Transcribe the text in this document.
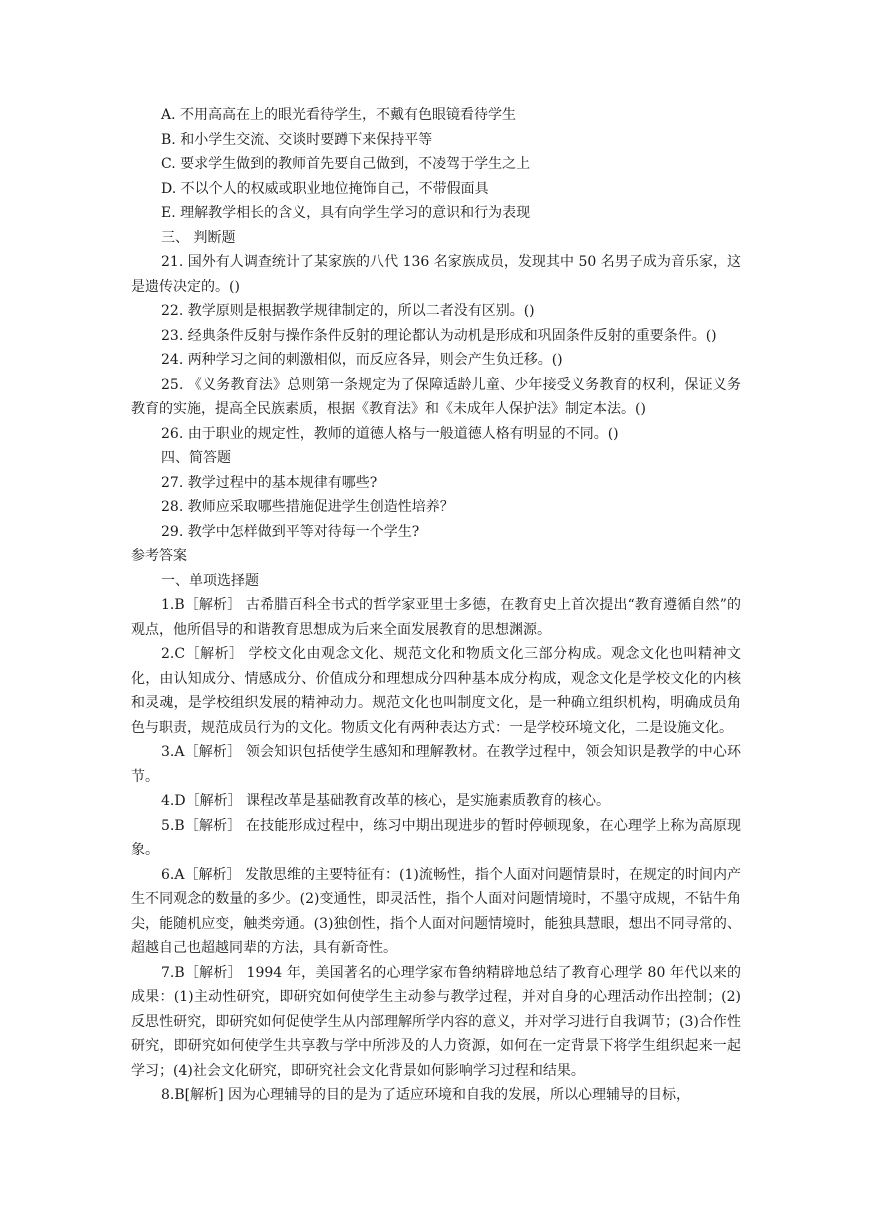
A. 不用高高在上的眼光看待学生，不戴有色眼镜看待学生
B. 和小学生交流、交谈时要蹲下来保持平等
C. 要求学生做到的教师首先要自己做到，不凌驾于学生之上
D. 不以个人的权威或职业地位掩饰自己，不带假面具
E. 理解教学相长的含义，具有向学生学习的意识和行为表现
三、 判断题

21. 国外有人调查统计了某家族的八代 136 名家族成员，发现其中 50 名男子成为音乐家，这是遗传决定的。()

22. 教学原则是根据教学规律制定的，所以二者没有区别。()

23. 经典条件反射与操作条件反射的理论都认为动机是形成和巩固条件反射的重要条件。()

24. 两种学习之间的刺激相似，而反应各异，则会产生负迁移。()

25. 《义务教育法》总则第一条规定为了保障适龄儿童、少年接受义务教育的权利，保证义务教育的实施，提高全民族素质，根据《教育法》和《未成年人保护法》制定本法。()

26. 由于职业的规定性，教师的道德人格与一般道德人格有明显的不同。()

四、简答题

27. 教学过程中的基本规律有哪些?

28. 教师应采取哪些措施促进学生创造性培养？

29. 教学中怎样做到平等对待每一个学生?

参考答案
一、单项选择题

1.B［解析］ 古希腊百科全书式的哲学家亚里士多德，在教育史上首次提出“教育遵循自然”的观点，他所倡导的和谐教育思想成为后来全面发展教育的思想渊源。

2.C［解析］ 学校文化由观念文化、规范文化和物质文化三部分构成。观念文化也叫精神文化，由认知成分、情感成分、价值成分和理想成分四种基本成分构成，观念文化是学校文化的内核和灵魂，是学校组织发展的精神动力。规范文化也叫制度文化，是一种确立组织机构，明确成员角色与职责，规范成员行为的文化。物质文化有两种表达方式：一是学校环境文化，二是设施文化。

3.A［解析］ 领会知识包括使学生感知和理解教材。在教学过程中，领会知识是教学的中心环节。

4.D［解析］ 课程改革是基础教育改革的核心，是实施素质教育的核心。

5.B［解析］ 在技能形成过程中，练习中期出现进步的暂时停顿现象，在心理学上称为高原现象。

6.A［解析］ 发散思维的主要特征有：(1)流畅性，指个人面对问题情景时，在规定的时间内产生不同观念的数量的多少。(2)变通性，即灵活性，指个人面对问题情境时，不墨守成规，不钻牛角尖，能随机应变，触类旁通。(3)独创性，指个人面对问题情境时，能独具慧眼，想出不同寻常的、超越自己也超越同辈的方法，具有新奇性。

7.B［解析］ 1994 年，美国著名的心理学家布鲁纳精辟地总结了教育心理学 80 年代以来的成果：(1)主动性研究，即研究如何使学生主动参与教学过程，并对自身的心理活动作出控制；(2)反思性研究，即研究如何促使学生从内部理解所学内容的意义，并对学习进行自我调节；(3)合作性研究，即研究如何使学生共享教与学中所涉及的人力资源，如何在一定背景下将学生组织起来一起学习；(4)社会文化研究，即研究社会文化背景如何影响学习过程和结果。

8.B[解析] 因为心理辅导的目的是为了适应环境和自我的发展，所以心理辅导的目标，
